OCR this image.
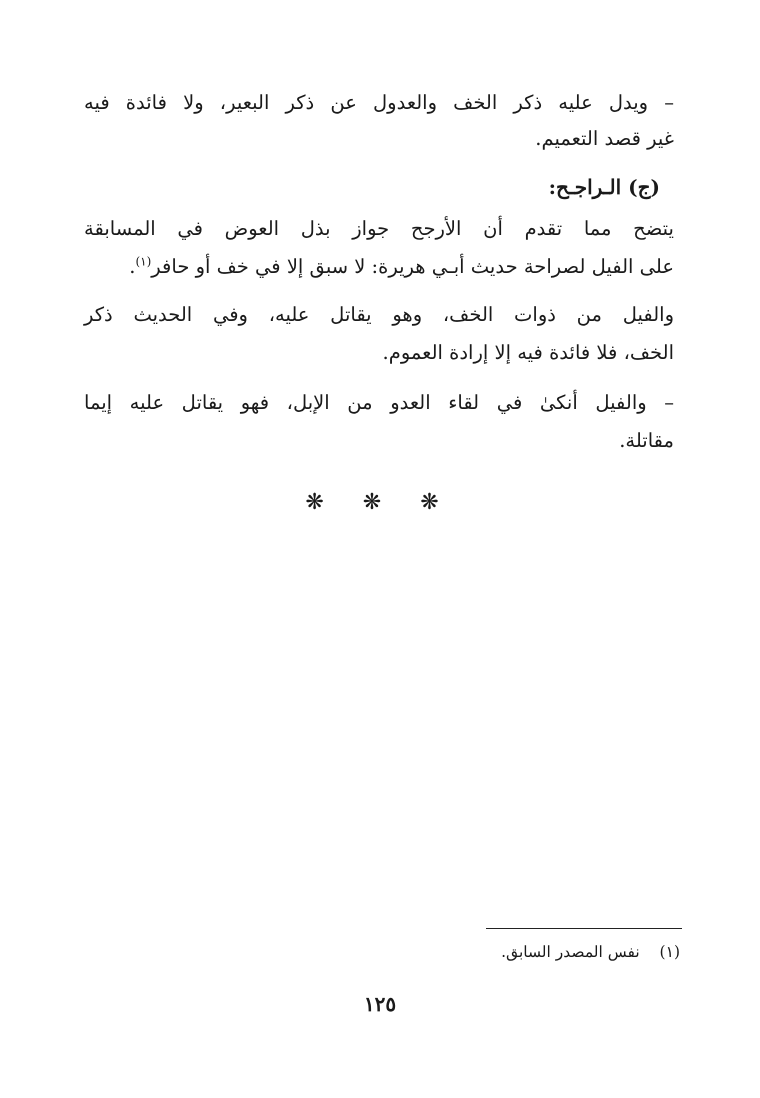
– ويدل عليه ذكر الخف والعدول عن ذكر البعير، ولا فائدة فيه
غير قصد التعميم.
(ج) الـراجـح:
يتضح مما تقدم أن الأرجح جواز بذل العوض في المسابقة
على الفيل لصراحة حديث أبـي هريرة: لا سبق إلا في خف أو حافر$^{(١)}$.
والفيل من ذوات الخف، وهو يقاتل عليه، وفي الحديث ذكر
الخف، فلا فائدة فيه إلا إرادة العموم.
– والفيل أنكىٰ في لقاء العدو من الإبل، فهو يقاتل عليه إيما
مقاتلة.
❋ ❋ ❋
(١)  نفس المصدر السابق.
١٢٥
